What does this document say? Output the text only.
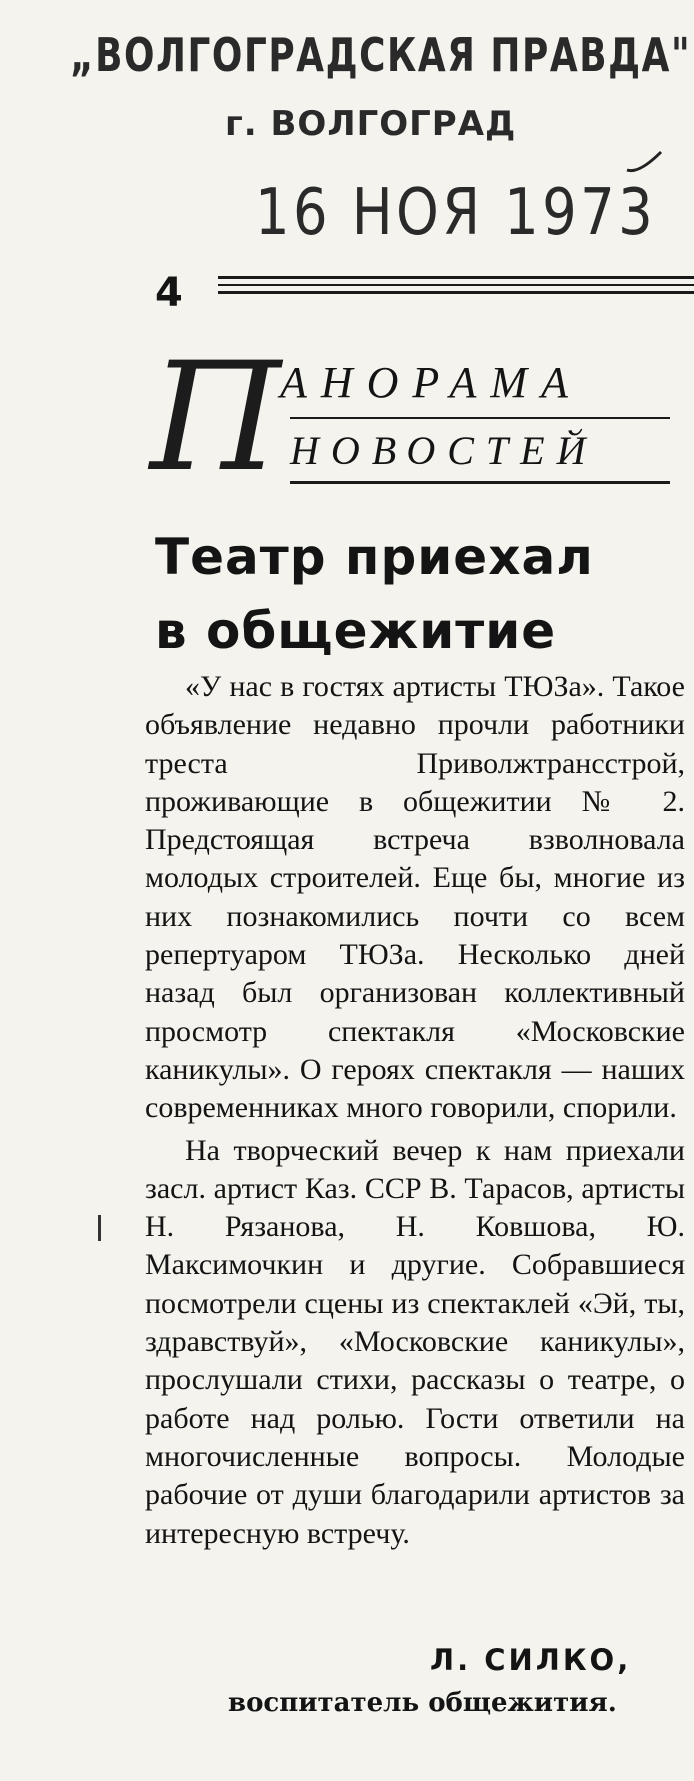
„ВОЛГОГРАДСКАЯ ПРАВДА"
г. ВОЛГОГРАД
16 НОЯ 1973
4
П АНОРАМА
НОВОСТЕЙ
Театр приехал
в общежитие

«У нас в гостях артисты ТЮЗа». Такое объявление недавно прочли работники треста Приволжтрансстрой, проживающие в общежитии № 2. Предстоящая встреча взволновала молодых строителей. Еще бы, многие из них познакомились почти со всем репертуаром ТЮЗа. Несколько дней назад был организован коллективный просмотр спектакля «Московские каникулы». О героях спектакля — наших современниках много говорили, спорили.

На творческий вечер к нам приехали засл. артист Каз. ССР В. Тарасов, артисты Н. Рязанова, Н. Ковшова, Ю. Максимочкин и другие. Собравшиеся посмотрели сцены из спектаклей «Эй, ты, здравствуй», «Московские каникулы», прослушали стихи, рассказы о театре, о работе над ролью. Гости ответили на многочисленные вопросы. Молодые рабочие от души благодарили артистов за интересную встречу.

Л. СИЛКО,
воспитатель общежития.
